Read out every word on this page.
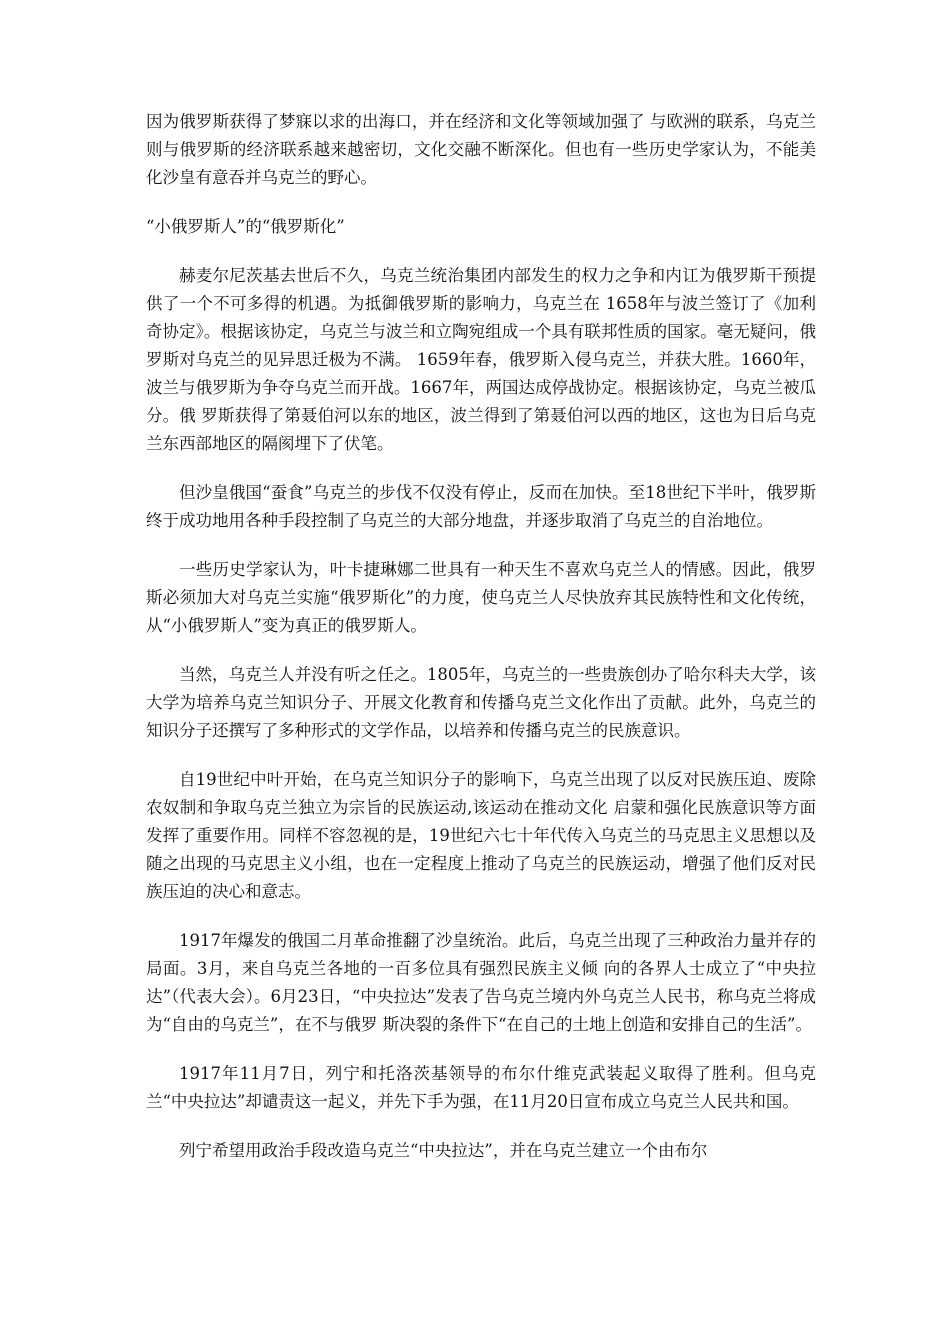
因为俄罗斯获得了梦寐以求的出海口，并在经济和文化等领域加强了 与欧洲的联系，乌克兰则与俄罗斯的经济联系越来越密切，文化交融不断深化。但也有一些历史学家认为，不能美化沙皇有意吞并乌克兰的野心。

“小俄罗斯人”的“俄罗斯化”

赫麦尔尼茨基去世后不久，乌克兰统治集团内部发生的权力之争和内讧为俄罗斯干预提供了一个不可多得的机遇。为抵御俄罗斯的影响力，乌克兰在 1658年与波兰签订了《加利奇协定》。根据该协定，乌克兰与波兰和立陶宛组成一个具有联邦性质的国家。毫无疑问，俄罗斯对乌克兰的见异思迁极为不满。 1659年春，俄罗斯入侵乌克兰，并获大胜。1660年，波兰与俄罗斯为争夺乌克兰而开战。1667年，两国达成停战协定。根据该协定，乌克兰被瓜分。俄 罗斯获得了第聂伯河以东的地区，波兰得到了第聂伯河以西的地区，这也为日后乌克兰东西部地区的隔阂埋下了伏笔。

但沙皇俄国“蚕食”乌克兰的步伐不仅没有停止，反而在加快。至18世纪下半叶，俄罗斯终于成功地用各种手段控制了乌克兰的大部分地盘，并逐步取消了乌克兰的自治地位。

一些历史学家认为，叶卡捷琳娜二世具有一种天生不喜欢乌克兰人的情感。因此，俄罗斯必须加大对乌克兰实施“俄罗斯化”的力度，使乌克兰人尽快放弃其民族特性和文化传统，从“小俄罗斯人”变为真正的俄罗斯人。

当然，乌克兰人并没有听之任之。1805年，乌克兰的一些贵族创办了哈尔科夫大学，该大学为培养乌克兰知识分子、开展文化教育和传播乌克兰文化作出了贡献。此外，乌克兰的知识分子还撰写了多种形式的文学作品，以培养和传播乌克兰的民族意识。

自19世纪中叶开始，在乌克兰知识分子的影响下，乌克兰出现了以反对民族压迫、废除农奴制和争取乌克兰独立为宗旨的民族运动,该运动在推动文化 启蒙和强化民族意识等方面发挥了重要作用。同样不容忽视的是，19世纪六七十年代传入乌克兰的马克思主义思想以及随之出现的马克思主义小组，也在一定程度上推动了乌克兰的民族运动，增强了他们反对民族压迫的决心和意志。

1917年爆发的俄国二月革命推翻了沙皇统治。此后，乌克兰出现了三种政治力量并存的局面。3月，来自乌克兰各地的一百多位具有强烈民族主义倾 向的各界人士成立了“中央拉达”（代表大会）。6月23日，“中央拉达”发表了告乌克兰境内外乌克兰人民书，称乌克兰将成为“自由的乌克兰”，在不与俄罗 斯决裂的条件下“在自己的土地上创造和安排自己的生活”。

1917年11月7日，列宁和托洛茨基领导的布尔什维克武装起义取得了胜利。但乌克兰“中央拉达”却谴责这一起义，并先下手为强，在11月20日宣布成立乌克兰人民共和国。

列宁希望用政治手段改造乌克兰“中央拉达”，并在乌克兰建立一个由布尔
